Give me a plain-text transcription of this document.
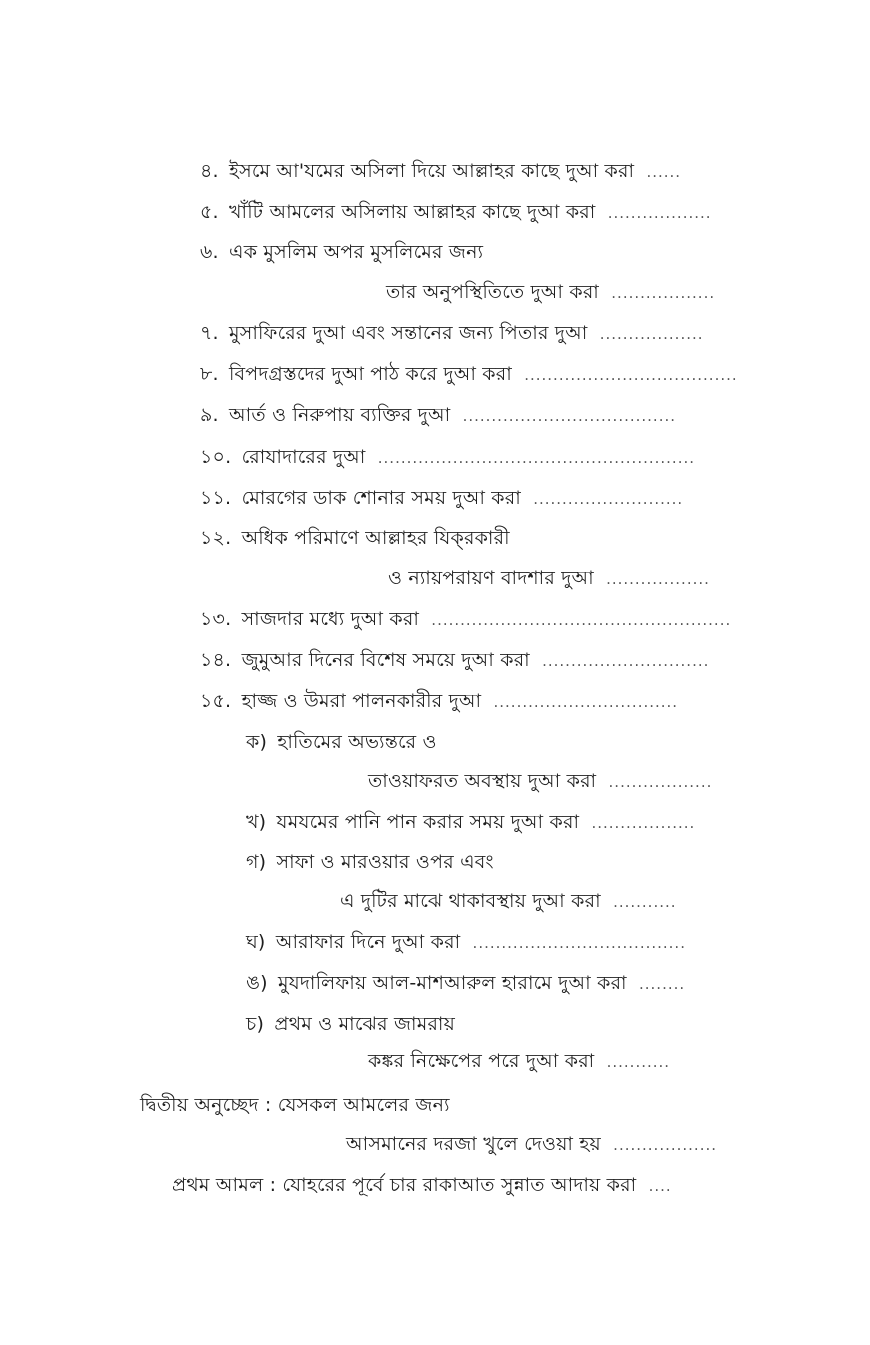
৪. ইসমে আ'যমের অসিলা দিয়ে আল্লাহর কাছে দুআ করা ......
৫. খাঁটি আমলের অসিলায় আল্লাহর কাছে দুআ করা ..................
৬. এক মুসলিম অপর মুসলিমের জন্য
তার অনুপস্থিতিতে দুআ করা ..................
৭. মুসাফিরের দুআ এবং সন্তানের জন্য পিতার দুআ ..................
৮. বিপদগ্রস্তদের দুআ পাঠ করে দুআ করা .....................................
৯. আর্ত ও নিরুপায় ব্যক্তির দুআ .....................................
১০. রোযাদারের দুআ .......................................................
১১. মোরগের ডাক শোনার সময় দুআ করা ..........................
১২. অধিক পরিমাণে আল্লাহর যিক্‌রকারী
ও ন্যায়পরায়ণ বাদশার দুআ ..................
১৩. সাজদার মধ্যে দুআ করা ....................................................
১৪. জুমুআর দিনের বিশেষ সময়ে দুআ করা .............................
১৫. হাজ্জ ও উমরা পালনকারীর দুআ ................................
ক) হাতিমের অভ্যন্তরে ও
তাওয়াফরত অবস্থায় দুআ করা ..................
খ) যমযমের পানি পান করার সময় দুআ করা ..................
গ) সাফা ও মারওয়ার ওপর এবং
এ দুটির মাঝে থাকাবস্থায় দুআ করা ...........
ঘ) আরাফার দিনে দুআ করা .....................................
ঙ) মুযদালিফায় আল-মাশআরুল হারামে দুআ করা ........
চ) প্রথম ও মাঝের জামরায়
কঙ্কর নিক্ষেপের পরে দুআ করা ...........
দ্বিতীয় অনুচ্ছেদ : যেসকল আমলের জন্য
আসমানের দরজা খুলে দেওয়া হয় ..................
প্রথম আমল : যোহরের পূর্বে চার রাকাআত সুন্নাত আদায় করা ....
